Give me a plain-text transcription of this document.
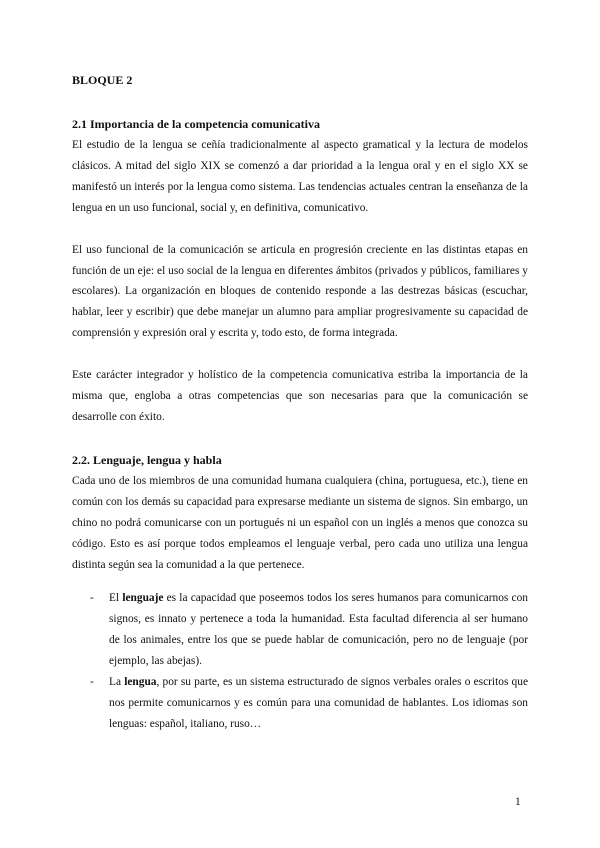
BLOQUE 2

2.1 Importancia de la competencia comunicativa

El estudio de la lengua se ceñía tradicionalmente al aspecto gramatical y la lectura de modelos clásicos. A mitad del siglo XIX se comenzó a dar prioridad a la lengua oral y en el siglo XX se manifestó un interés por la lengua como sistema. Las tendencias actuales centran la enseñanza de la lengua en un uso funcional, social y, en definitiva, comunicativo.

El uso funcional de la comunicación se articula en progresión creciente en las distintas etapas en función de un eje: el uso social de la lengua en diferentes ámbitos (privados y públicos, familiares y escolares). La organización en bloques de contenido responde a las destrezas básicas (escuchar, hablar, leer y escribir) que debe manejar un alumno para ampliar progresivamente su capacidad de comprensión y expresión oral y escrita y, todo esto, de forma integrada.

Este carácter integrador y holístico de la competencia comunicativa estriba la importancia de la misma que, engloba a otras competencias que son necesarias para que la comunicación se desarrolle con éxito.

2.2. Lenguaje, lengua y habla

Cada uno de los miembros de una comunidad humana cualquiera (china, portuguesa, etc.), tiene en común con los demás su capacidad para expresarse mediante un sistema de signos. Sin embargo, un chino no podrá comunicarse con un portugués ni un español con un inglés a menos que conozca su código. Esto es así porque todos empleamos el lenguaje verbal, pero cada uno utiliza una lengua distinta según sea la comunidad a la que pertenece.

- El lenguaje es la capacidad que poseemos todos los seres humanos para comunicarnos con signos, es innato y pertenece a toda la humanidad. Esta facultad diferencia al ser humano de los animales, entre los que se puede hablar de comunicación, pero no de lenguaje (por ejemplo, las abejas).
- La lengua, por su parte, es un sistema estructurado de signos verbales orales o escritos que nos permite comunicarnos y es común para una comunidad de hablantes. Los idiomas son lenguas: español, italiano, ruso…
1
